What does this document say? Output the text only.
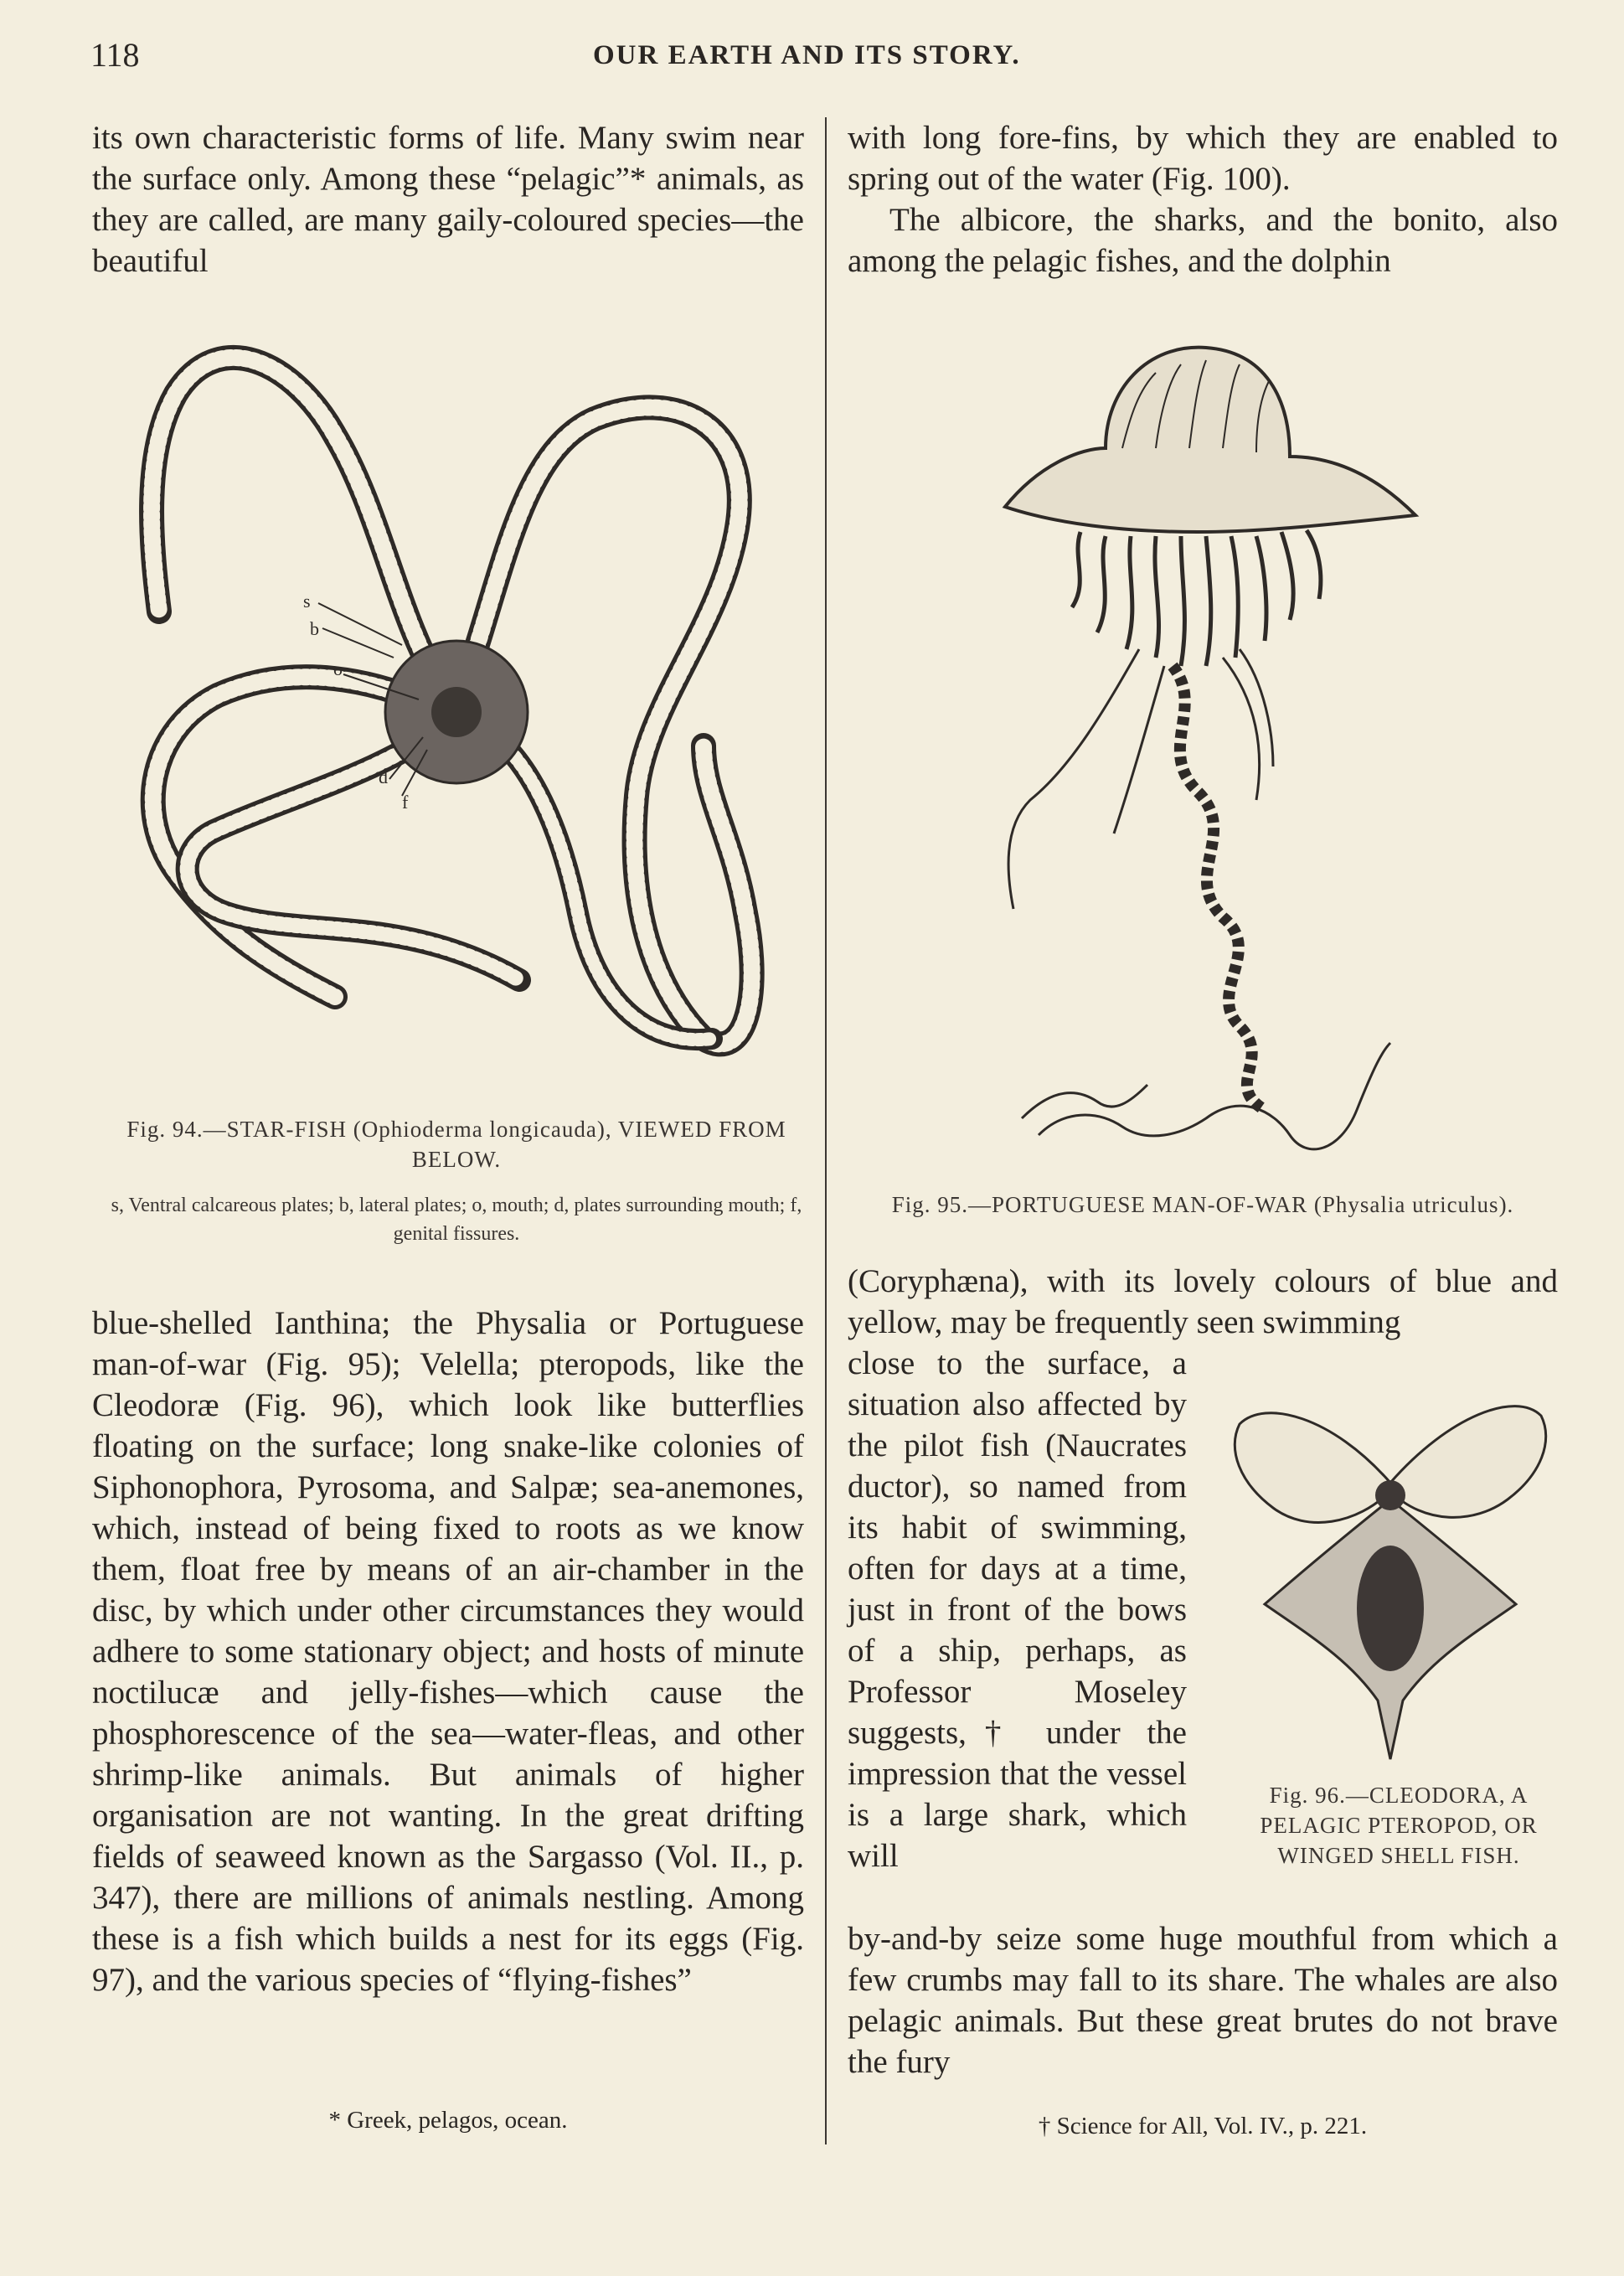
118	OUR EARTH AND ITS STORY.

its own characteristic forms of life. Many swim near the surface only. Among these “pelagic”* animals, as they are called, are many gaily-coloured species—the beautiful

s
b
o
d
f
Fig. 94.—STAR-FISH (Ophioderma longicauda), VIEWED FROM BELOW.
s, Ventral calcareous plates; b, lateral plates; o, mouth; d, plates surrounding mouth; f, genital fissures.

blue-shelled Ianthina; the Physalia or Portuguese man-of-war (Fig. 95); Velella; pteropods, like the Cleodoræ (Fig. 96), which look like butterflies floating on the surface; long snake-like colonies of Siphonophora, Pyrosoma, and Salpæ; sea-anemones, which, instead of being fixed to roots as we know them, float free by means of an air-chamber in the disc, by which under other circumstances they would adhere to some stationary object; and hosts of minute noctilucæ and jelly-fishes—which cause the phosphorescence of the sea—water-fleas, and other shrimp-like animals. But animals of higher organisation are not wanting. In the great drifting fields of seaweed known as the Sargasso (Vol. II., p. 347), there are millions of animals nestling. Among these is a fish which builds a nest for its eggs (Fig. 97), and the various species of “flying-fishes”

* Greek, pelagos, ocean.

with long fore-fins, by which they are enabled to spring out of the water (Fig. 100).

The albicore, the sharks, and the bonito, also among the pelagic fishes, and the dolphin

Fig. 95.—PORTUGUESE MAN-OF-WAR (Physalia utriculus).

(Coryphæna), with its lovely colours of blue and yellow, may be frequently seen swimming

close to the surface, a situation also affected by the pilot fish (Naucrates ductor), so named from its habit of swimming, often for days at a time, just in front of the bows of a ship, perhaps, as Professor Moseley suggests,† under the impression that the vessel is a large shark, which will

Fig. 96.—CLEODORA, A PELAGIC PTEROPOD, OR WINGED SHELL FISH.

by-and-by seize some huge mouthful from which a few crumbs may fall to its share. The whales are also pelagic animals. But these great brutes do not brave the fury

† Science for All, Vol. IV., p. 221.
